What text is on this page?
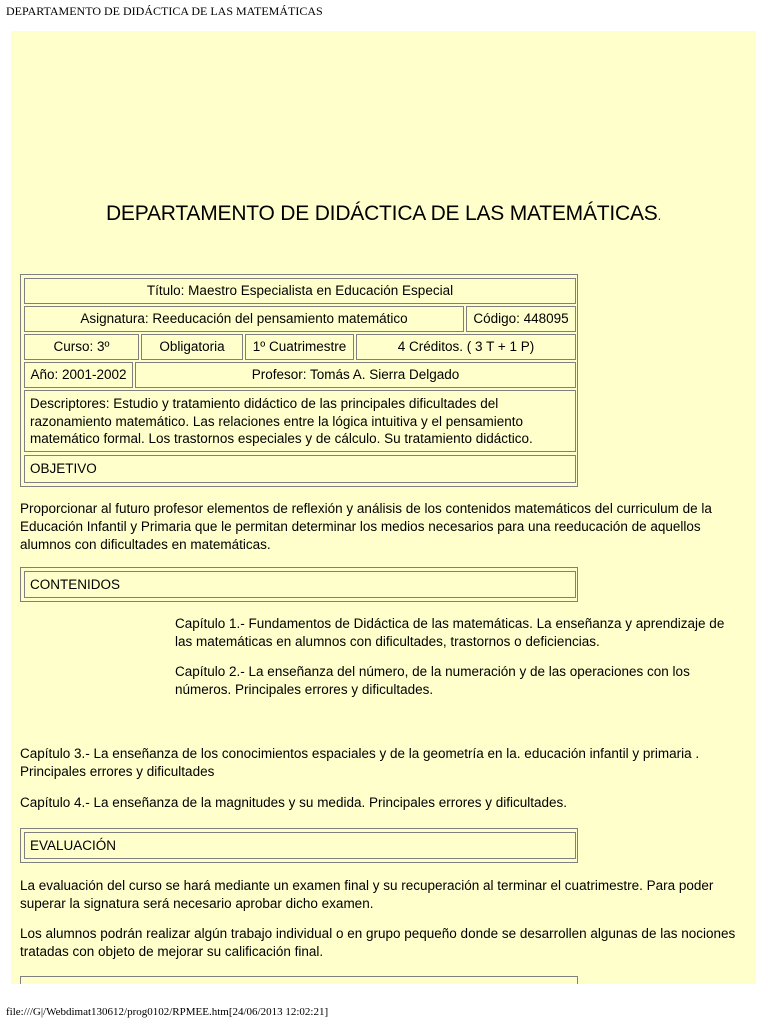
DEPARTAMENTO DE DIDÁCTICA DE LAS MATEMÁTICAS
DEPARTAMENTO DE DIDÁCTICA DE LAS MATEMÁTICAS.
Título: Maestro Especialista en Educación Especial
Asignatura: Reeducación del pensamiento matemático	Código: 448095
Curso: 3º	Obligatoria	1º Cuatrimestre	4 Créditos. ( 3 T + 1 P)
Año: 2001-2002	Profesor: Tomás A. Sierra Delgado
Descriptores: Estudio y tratamiento didáctico de las principales dificultades del razonamiento matemático. Las relaciones entre la lógica intuitiva y el pensamiento matemático formal. Los trastornos especiales y de cálculo. Su tratamiento didáctico.
OBJETIVO
Proporcionar al futuro profesor elementos de reflexión y análisis de los contenidos matemáticos del curriculum de la Educación Infantil y Primaria que le permitan determinar los medios necesarios para una reeducación de aquellos alumnos con dificultades en matemáticas.
CONTENIDOS
Capítulo 1.- Fundamentos de Didáctica de las matemáticas. La enseñanza y aprendizaje de las matemáticas en alumnos con dificultades, trastornos o deficiencias.
Capítulo 2.- La enseñanza del número, de la numeración y de las operaciones con los números. Principales errores y dificultades.
Capítulo 3.- La enseñanza de los conocimientos espaciales y de la geometría en la. educación infantil y primaria . Principales errores y dificultades
Capítulo 4.- La enseñanza de la magnitudes y su medida. Principales errores y dificultades.
EVALUACIÓN
La evaluación del curso se hará mediante un examen final y su recuperación al terminar el cuatrimestre. Para poder superar la signatura será necesario aprobar dicho examen.
Los alumnos podrán realizar algún trabajo individual o en grupo pequeño donde se desarrollen algunas de las nociones tratadas con objeto de mejorar su calificación final.
file:///G|/Webdimat130612/prog0102/RPMEE.htm[24/06/2013 12:02:21]
